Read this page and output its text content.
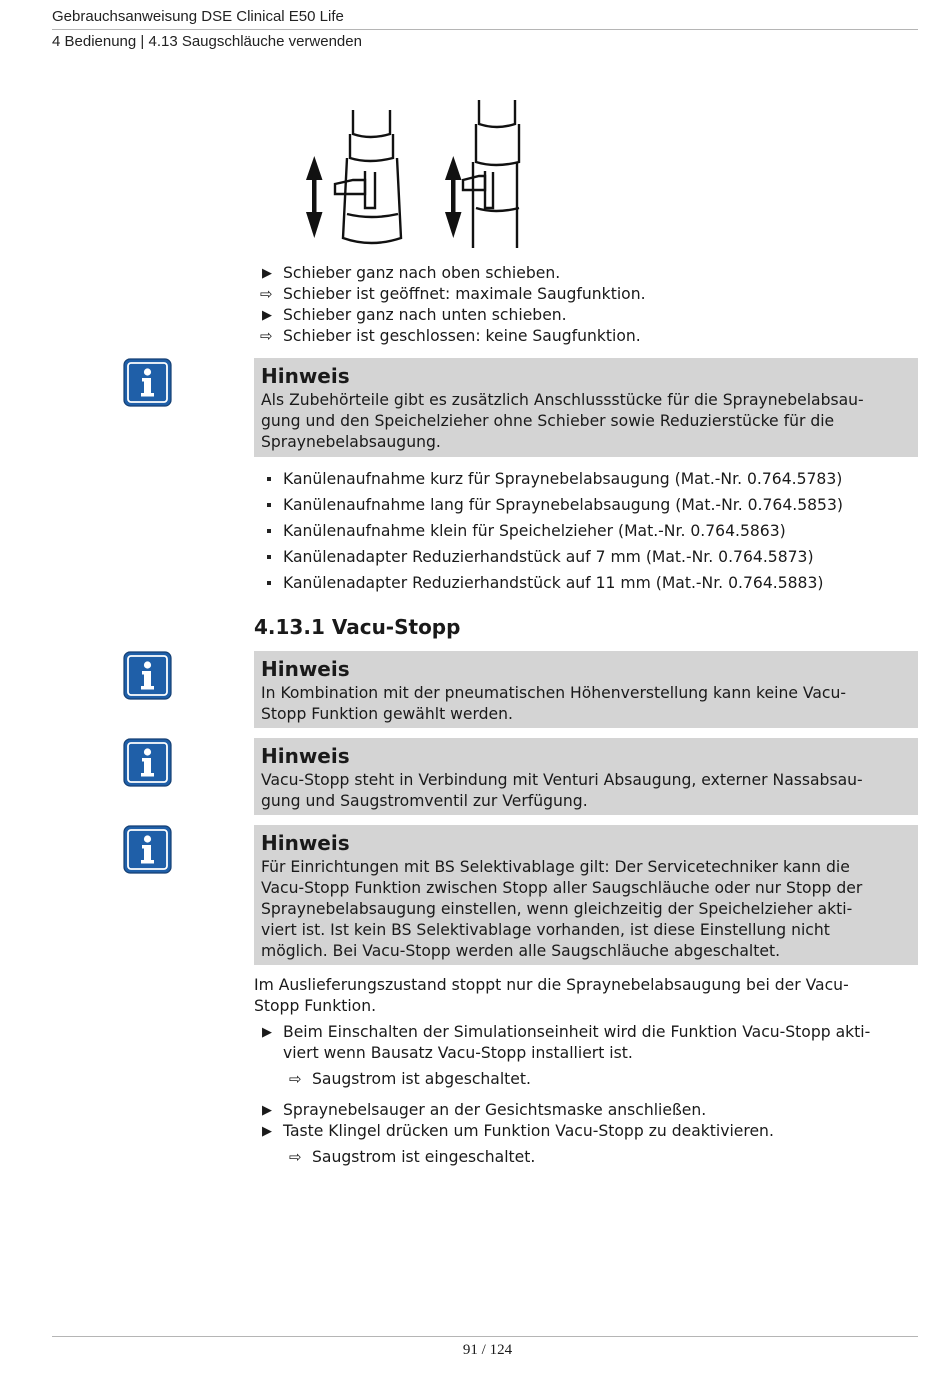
Gebrauchsanweisung DSE Clinical E50 Life
4 Bedienung | 4.13 Saugschläuche verwenden
▶ Schieber ganz nach oben schieben.
⇨ Schieber ist geöffnet: maximale Saugfunktion.
▶ Schieber ganz nach unten schieben.
⇨ Schieber ist geschlossen: keine Saugfunktion.
Hinweis

Als Zubehörteile gibt es zusätzlich Anschlussstücke für die Spraynebelabsau-
gung und den Speichelzieher ohne Schieber sowie Reduzierstücke für die
Spraynebelabsaugung.

Kanülenaufnahme kurz für Spraynebelabsaugung (Mat.-Nr. 0.764.5783)
Kanülenaufnahme lang für Spraynebelabsaugung (Mat.-Nr. 0.764.5853)
Kanülenaufnahme klein für Speichelzieher (Mat.-Nr. 0.764.5863)
Kanülenadapter Reduzierhandstück auf 7 mm (Mat.-Nr. 0.764.5873)
Kanülenadapter Reduzierhandstück auf 11 mm (Mat.-Nr. 0.764.5883)
4.13.1 Vacu-Stopp
Hinweis

In Kombination mit der pneumatischen Höhenverstellung kann keine Vacu-
Stopp Funktion gewählt werden.

Hinweis

Vacu-Stopp steht in Verbindung mit Venturi Absaugung, externer Nassabsau-
gung und Saugstromventil zur Verfügung.

Hinweis

Für Einrichtungen mit BS Selektivablage gilt: Der Servicetechniker kann die
Vacu-Stopp Funktion zwischen Stopp aller Saugschläuche oder nur Stopp der
Spraynebelabsaugung einstellen, wenn gleichzeitig der Speichelzieher akti-
viert ist. Ist kein BS Selektivablage vorhanden, ist diese Einstellung nicht
möglich. Bei Vacu-Stopp werden alle Saugschläuche abgeschaltet.

Im Auslieferungszustand stoppt nur die Spraynebelabsaugung bei der Vacu-
Stopp Funktion.
▶ Beim Einschalten der Simulationseinheit wird die Funktion Vacu-Stopp akti-
viert wenn Bausatz Vacu-Stopp installiert ist.
⇨ Saugstrom ist abgeschaltet.
▶ Spraynebelsauger an der Gesichtsmaske anschließen.
▶ Taste Klingel drücken um Funktion Vacu-Stopp zu deaktivieren.
⇨ Saugstrom ist eingeschaltet.
91 / 124
